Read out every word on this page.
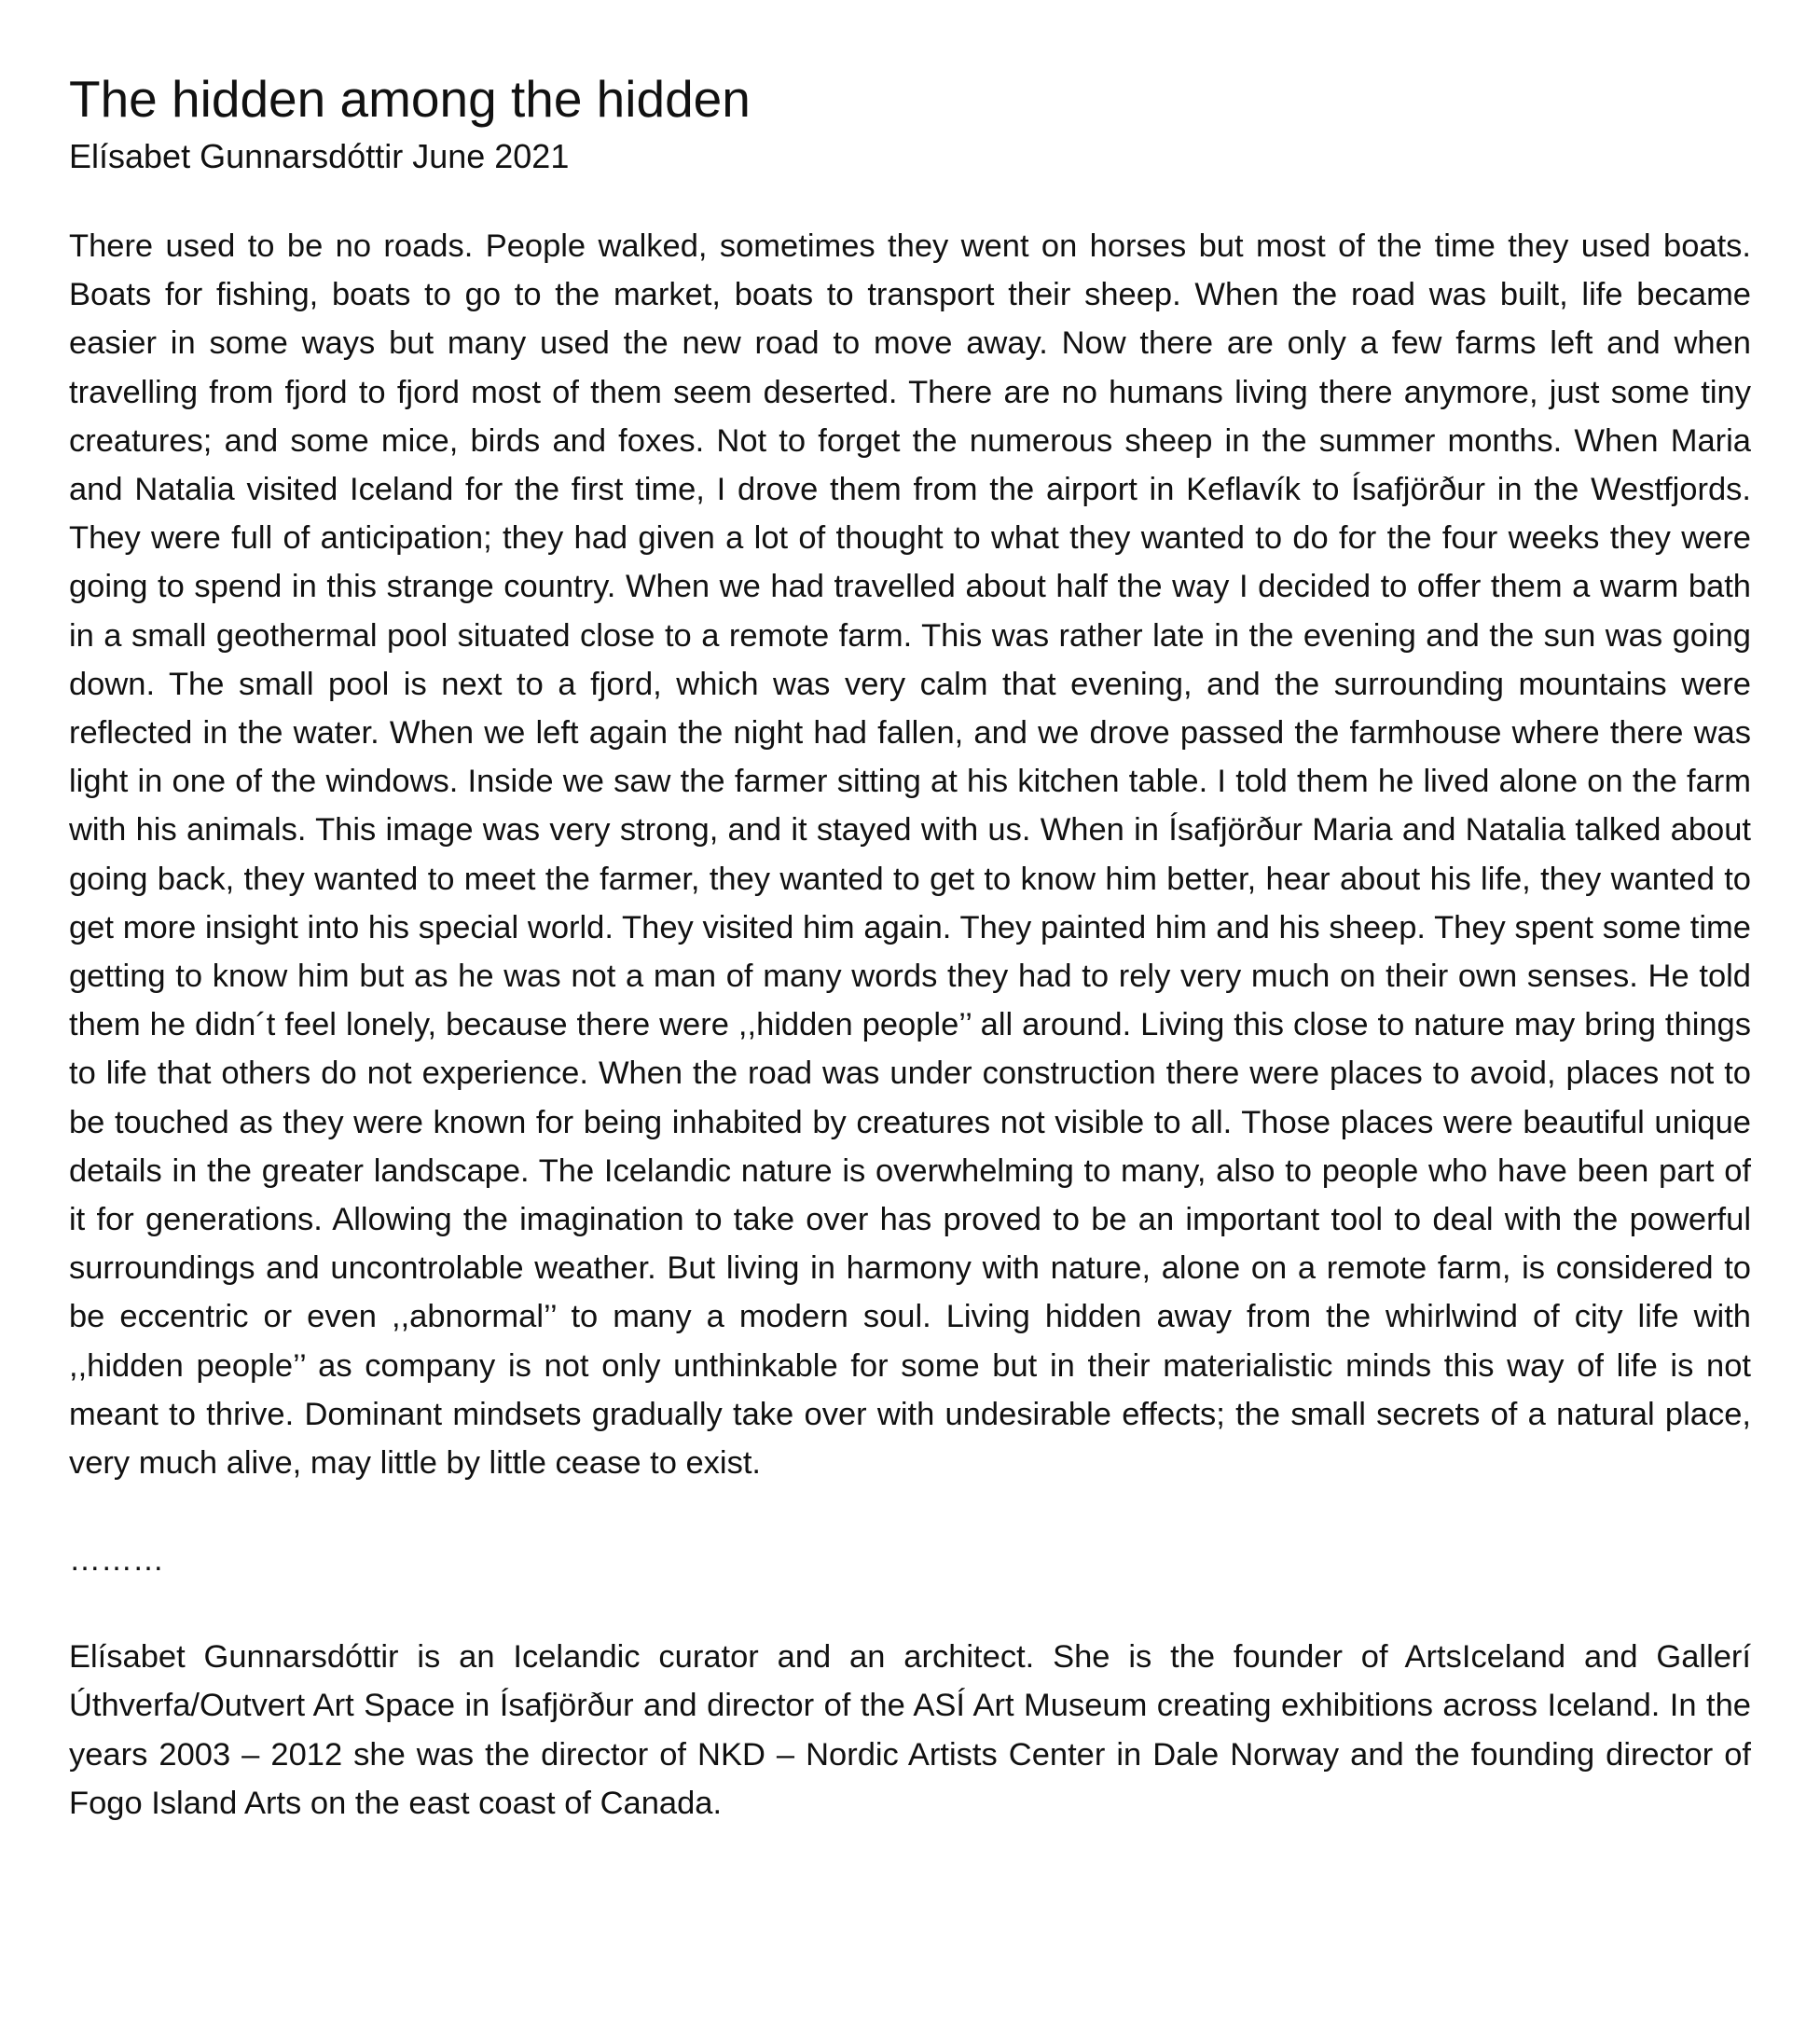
The hidden among the hidden
Elísabet Gunnarsdóttir June 2021

There used to be no roads. People walked, sometimes they went on horses but most of the time they used boats. Boats for fishing, boats to go to the market, boats to transport their sheep. When the road was built, life became easier in some ways but many used the new road to move away. Now there are only a few farms left and when travelling from fjord to fjord most of them seem deserted. There are no humans living there anymore, just some tiny creatures; and some mice, birds and foxes. Not to forget the numerous sheep in the summer months. When Maria and Natalia visited Iceland for the first time, I drove them from the airport in Keflavík to Ísafjörður in the Westfjords. They were full of anticipation; they had given a lot of thought to what they wanted to do for the four weeks they were going to spend in this strange country. When we had travelled about half the way I decided to offer them a warm bath in a small geothermal pool situated close to a remote farm. This was rather late in the evening and the sun was going down. The small pool is next to a fjord, which was very calm that evening, and the surrounding mountains were reflected in the water. When we left again the night had fallen, and we drove passed the farmhouse where there was light in one of the windows. Inside we saw the farmer sitting at his kitchen table. I told them he lived alone on the farm with his animals. This image was very strong, and it stayed with us. When in Ísafjörður Maria and Natalia talked about going back, they wanted to meet the farmer, they wanted to get to know him better, hear about his life, they wanted to get more insight into his special world. They visited him again. They painted him and his sheep. They spent some time getting to know him but as he was not a man of many words they had to rely very much on their own senses. He told them he didn´t feel lonely, because there were ,,hidden people’’ all around. Living this close to nature may bring things to life that others do not experience. When the road was under construction there were places to avoid, places not to be touched as they were known for being inhabited by creatures not visible to all. Those places were beautiful unique details in the greater landscape. The Icelandic nature is overwhelming to many, also to people who have been part of it for generations. Allowing the imagination to take over has proved to be an important tool to deal with the powerful surroundings and uncontrolable weather. But living in harmony with nature, alone on a remote farm, is considered to be eccentric or even ,,abnormal’’ to many a modern soul. Living hidden away from the whirlwind of city life with ,,hidden people’’ as company is not only unthinkable for some but in their materialistic minds this way of life is not meant to thrive. Dominant mindsets gradually take over with undesirable effects; the small secrets of a natural place, very much alive, may little by little cease to exist.

………

Elísabet Gunnarsdóttir is an Icelandic curator and an architect. She is the founder of ArtsIceland and Gallerí Úthverfa/Outvert Art Space in Ísafjörður and director of the ASÍ Art Museum creating exhibitions across Iceland. In the years 2003 – 2012 she was the director of NKD – Nordic Artists Center in Dale Norway and the founding director of Fogo Island Arts on the east coast of Canada.
